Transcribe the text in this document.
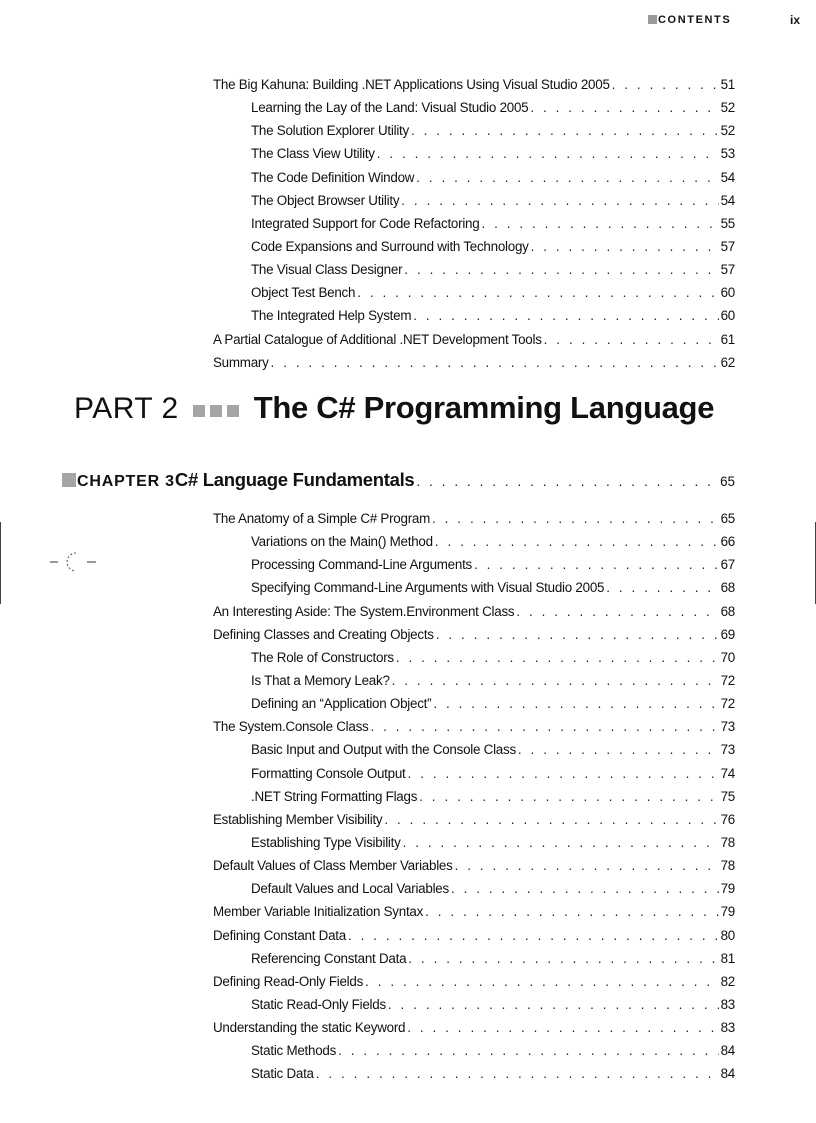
CONTENTS	ix
The Big Kahuna: Building .NET Applications Using Visual Studio 2005 . . .	51
Learning the Lay of the Land: Visual Studio 2005 . . .	52
The Solution Explorer Utility . . .	52
The Class View Utility . . .	53
The Code Definition Window . . .	54
The Object Browser Utility . . .	54
Integrated Support for Code Refactoring . . .	55
Code Expansions and Surround with Technology . . .	57
The Visual Class Designer . . .	57
Object Test Bench . . .	60
The Integrated Help System . . .	60
A Partial Catalogue of Additional .NET Development Tools . . .	61
Summary . . .	62
PART 2 The C# Programming Language
CHAPTER 3 C# Language Fundamentals . . .	65
The Anatomy of a Simple C# Program . . .	65
Variations on the Main() Method . . .	66
Processing Command-Line Arguments . . .	67
Specifying Command-Line Arguments with Visual Studio 2005 . . .	68
An Interesting Aside: The System.Environment Class . . .	68
Defining Classes and Creating Objects . . .	69
The Role of Constructors . . .	70
Is That a Memory Leak? . . .	72
Defining an “Application Object” . . .	72
The System.Console Class . . .	73
Basic Input and Output with the Console Class . . .	73
Formatting Console Output . . .	74
.NET String Formatting Flags . . .	75
Establishing Member Visibility . . .	76
Establishing Type Visibility . . .	78
Default Values of Class Member Variables . . .	78
Default Values and Local Variables . . .	79
Member Variable Initialization Syntax . . .	79
Defining Constant Data . . .	80
Referencing Constant Data . . .	81
Defining Read-Only Fields . . .	82
Static Read-Only Fields . . .	83
Understanding the static Keyword . . .	83
Static Methods . . .	84
Static Data . . .	84
